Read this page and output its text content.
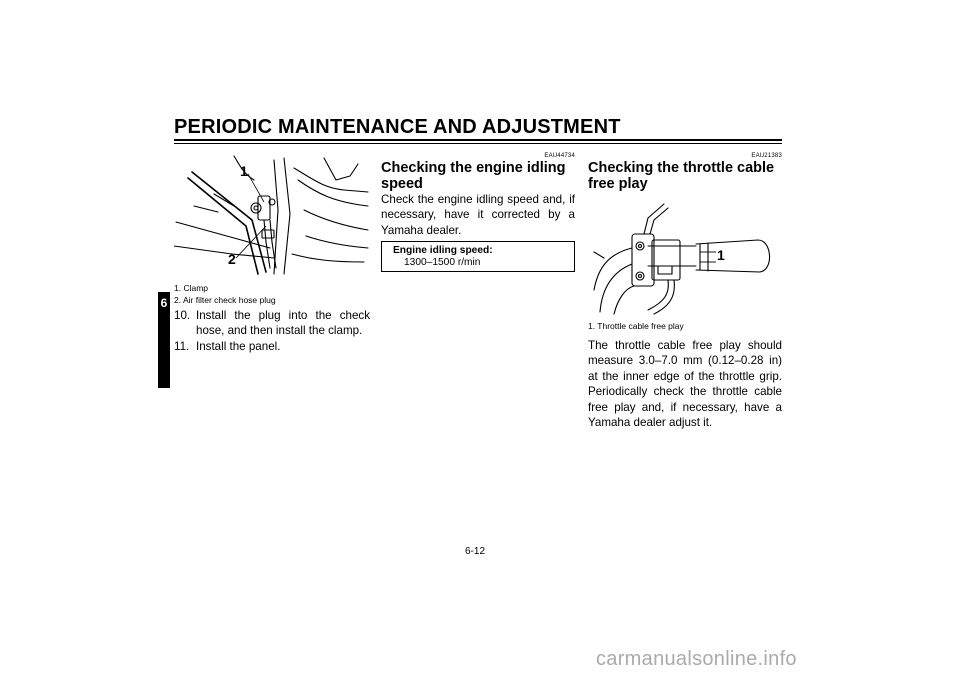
PERIODIC MAINTENANCE AND ADJUSTMENT
6
1
2
1. Clamp
2. Air filter check hose plug
10. Install the plug into the check hose, and then install the clamp.
11. Install the panel.
EAU44734
Checking the engine idling
speed
Check the engine idling speed and, if necessary, have it corrected by a Yamaha dealer.
Engine idling speed:
1300–1500 r/min
EAU21383
Checking the throttle cable
free play
1
1. Throttle cable free play
The throttle cable free play should measure 3.0–7.0 mm (0.12–0.28 in) at the inner edge of the throttle grip. Periodically check the throttle cable free play and, if necessary, have a Yamaha dealer adjust it.
6-12
carmanualsonline.info
